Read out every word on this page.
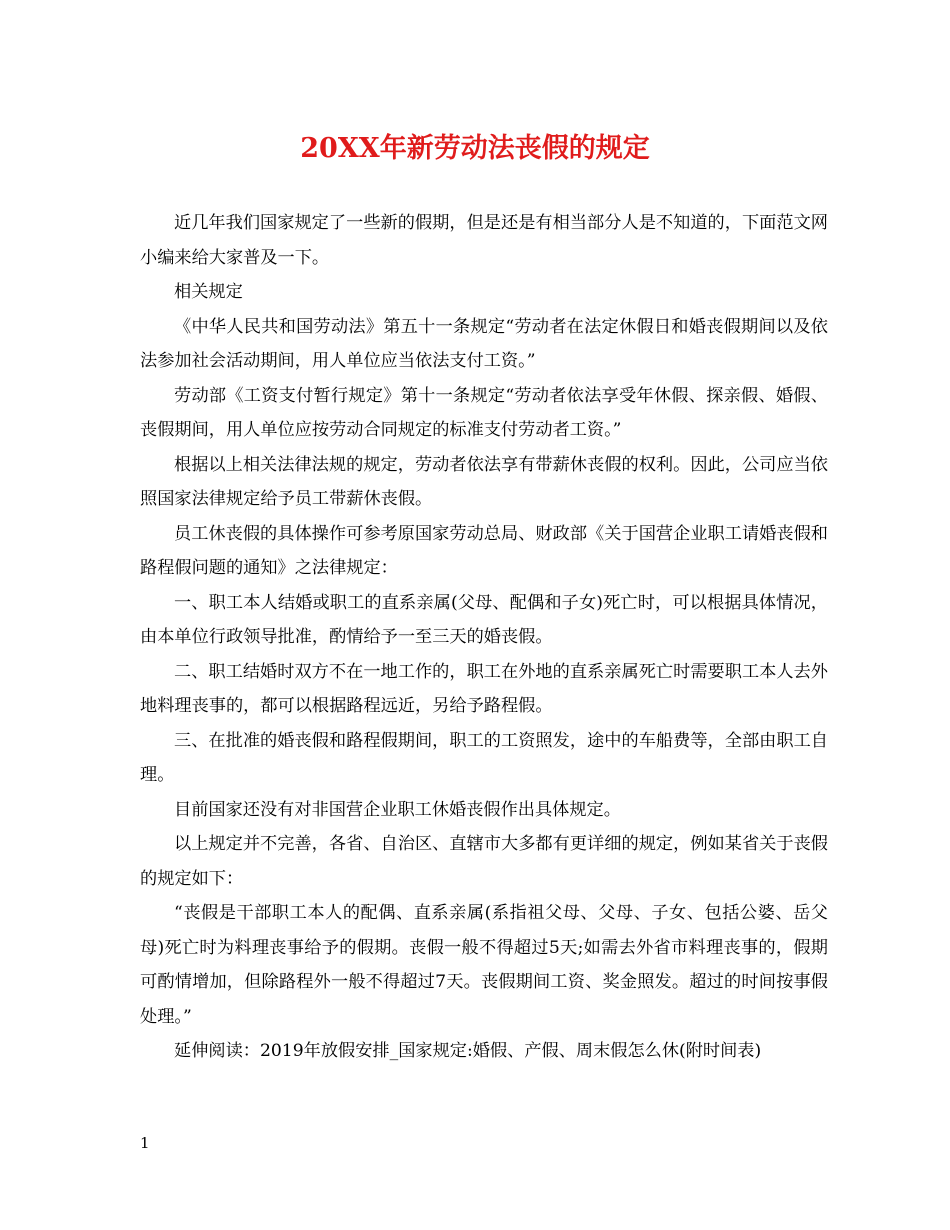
20XX年新劳动法丧假的规定

近几年我们国家规定了一些新的假期，但是还是有相当部分人是不知道的，下面范文网小编来给大家普及一下。

相关规定

《中华人民共和国劳动法》第五十一条规定“劳动者在法定休假日和婚丧假期间以及依法参加社会活动期间，用人单位应当依法支付工资。”

劳动部《工资支付暂行规定》第十一条规定“劳动者依法享受年休假、探亲假、婚假、丧假期间，用人单位应按劳动合同规定的标准支付劳动者工资。”

根据以上相关法律法规的规定，劳动者依法享有带薪休丧假的权利。因此，公司应当依照国家法律规定给予员工带薪休丧假。

员工休丧假的具体操作可参考原国家劳动总局、财政部《关于国营企业职工请婚丧假和路程假问题的通知》之法律规定：

一、职工本人结婚或职工的直系亲属(父母、配偶和子女)死亡时，可以根据具体情况，由本单位行政领导批准，酌情给予一至三天的婚丧假。

二、职工结婚时双方不在一地工作的，职工在外地的直系亲属死亡时需要职工本人去外地料理丧事的，都可以根据路程远近，另给予路程假。

三、在批准的婚丧假和路程假期间，职工的工资照发，途中的车船费等，全部由职工自理。

目前国家还没有对非国营企业职工休婚丧假作出具体规定。

以上规定并不完善，各省、自治区、直辖市大多都有更详细的规定，例如某省关于丧假的规定如下：

“丧假是干部职工本人的配偶、直系亲属(系指祖父母、父母、子女、包括公婆、岳父母)死亡时为料理丧事给予的假期。丧假一般不得超过5天;如需去外省市料理丧事的，假期可酌情增加，但除路程外一般不得超过7天。丧假期间工资、奖金照发。超过的时间按事假处理。”

延伸阅读：2019年放假安排_国家规定:婚假、产假、周末假怎么休(附时间表)

1
